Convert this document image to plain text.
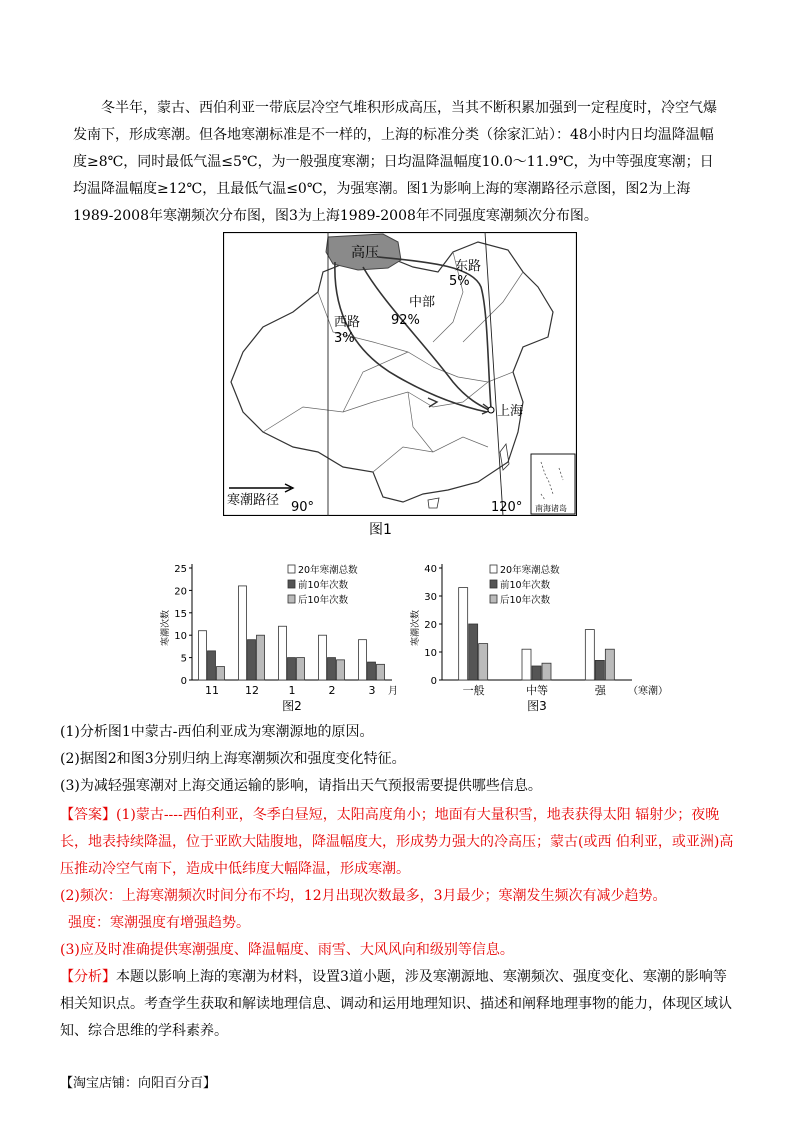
冬半年，蒙古、西伯利亚一带底层冷空气堆积形成高压，当其不断积累加强到一定程度时，冷空气爆发南下，形成寒潮。但各地寒潮标准是不一样的，上海的标准分类（徐家汇站）：48小时内日均温降温幅度≥8℃，同时最低气温≤5℃，为一般强度寒潮；日均温降温幅度10.0～11.9℃，为中等强度寒潮；日均温降温幅度≥12℃，且最低气温≤0℃，为强寒潮。图1为影响上海的寒潮路径示意图，图2为上海1989-2008年寒潮频次分布图，图3为上海1989-2008年不同强度寒潮频次分布图。

高压
东路
5%
中部
92%
西路
3%
上海
寒潮路径 90°	120° 南海诸岛
图1
0
5
10
15
20
25
寒潮次数
11 12	1	2	3 月
20年寒潮总数
前10年次数
后10年次数
图2
0
10
20
30
40
寒潮次数
一般	中等	强 （寒潮）
20年寒潮总数
前10年次数
后10年次数
图3

(1)分析图1中蒙古-西伯利亚成为寒潮源地的原因。

(2)据图2和图3分别归纳上海寒潮频次和强度变化特征。

(3)为减轻强寒潮对上海交通运输的影响，请指出天气预报需要提供哪些信息。

【答案】(1)蒙古----西伯利亚，冬季白昼短，太阳高度角小；地面有大量积雪，地表获得太阳 辐射少；夜晚长，地表持续降温，位于亚欧大陆腹地，降温幅度大，形成势力强大的冷高压；蒙古(或西 伯利亚，或亚洲)高压推动冷空气南下，造成中低纬度大幅降温，形成寒潮。

(2)频次：上海寒潮频次时间分布不均，12月出现次数最多，3月最少；寒潮发生频次有减少趋势。

强度：寒潮强度有增强趋势。

(3)应及时准确提供寒潮强度、降温幅度、雨雪、大风风向和级别等信息。

【分析】本题以影响上海的寒潮为材料，设置3道小题，涉及寒潮源地、寒潮频次、强度变化、寒潮的影响等相关知识点。考查学生获取和解读地理信息、调动和运用地理知识、描述和阐释地理事物的能力，体现区域认知、综合思维的学科素养。

【淘宝店铺：向阳百分百】
